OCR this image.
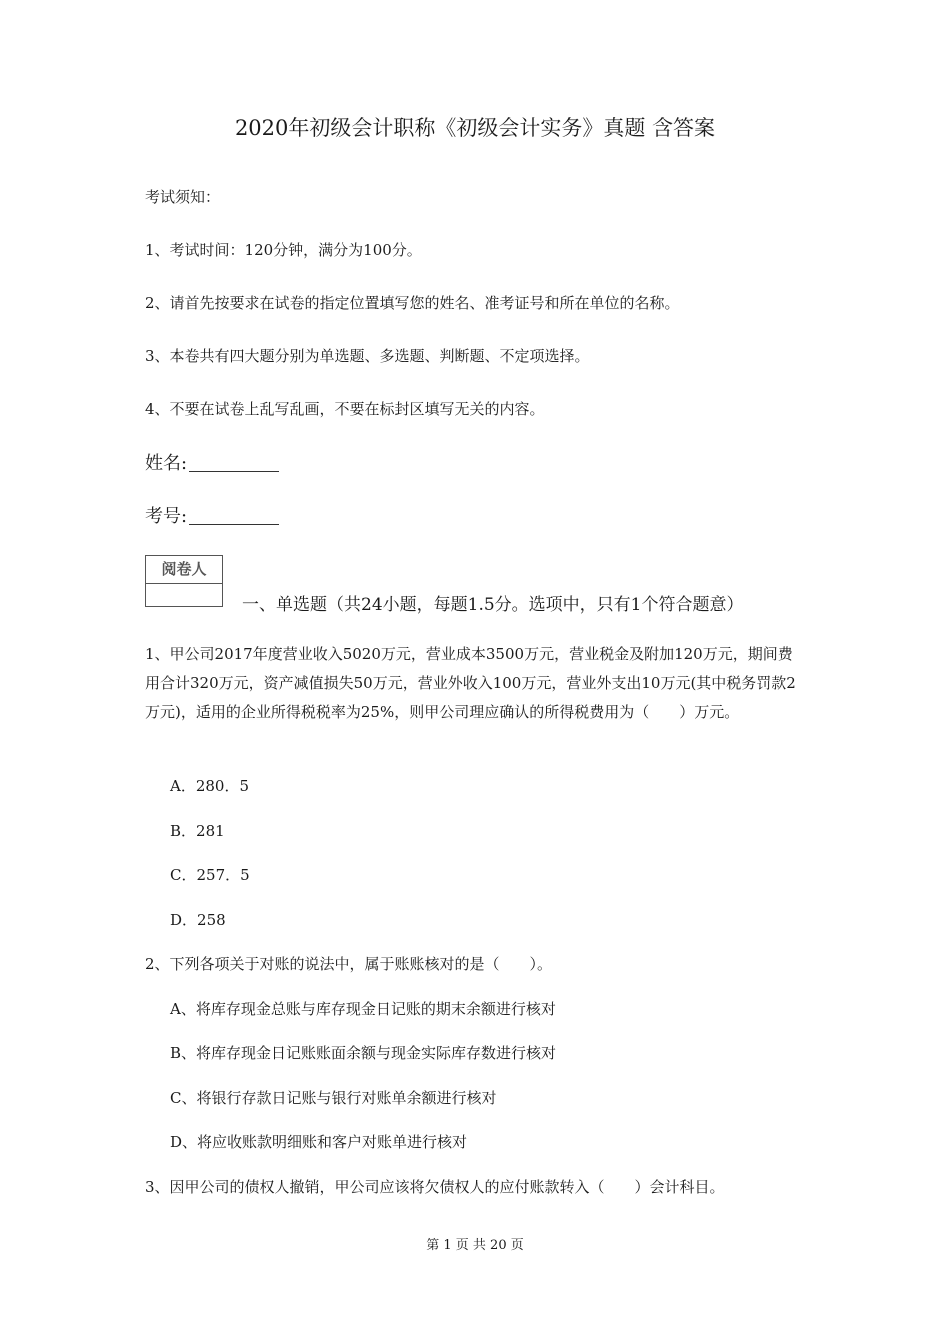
2020年初级会计职称《初级会计实务》真题 含答案
考试须知：
1、考试时间：120分钟，满分为100分。
2、请首先按要求在试卷的指定位置填写您的姓名、准考证号和所在单位的名称。
3、本卷共有四大题分别为单选题、多选题、判断题、不定项选择。
4、不要在试卷上乱写乱画，不要在标封区填写无关的内容。
姓名:
考号:
阅卷人
一、单选题（共24小题，每题1.5分。选项中，只有1个符合题意）
1、甲公司2017年度营业收入5020万元，营业成本3500万元，营业税金及附加120万元，期间费用合计320万元，资产减值损失50万元，营业外收入100万元，营业外支出10万元(其中税务罚款2万元)，适用的企业所得税税率为25%，则甲公司理应确认的所得税费用为（　　）万元。
A．280．5
B．281
C．257．5
D．258
2、下列各项关于对账的说法中，属于账账核对的是（　　）。
A、将库存现金总账与库存现金日记账的期末余额进行核对
B、将库存现金日记账账面余额与现金实际库存数进行核对
C、将银行存款日记账与银行对账单余额进行核对
D、将应收账款明细账和客户对账单进行核对
3、因甲公司的债权人撤销，甲公司应该将欠债权人的应付账款转入（　　）会计科目。
第 1 页 共 20 页
